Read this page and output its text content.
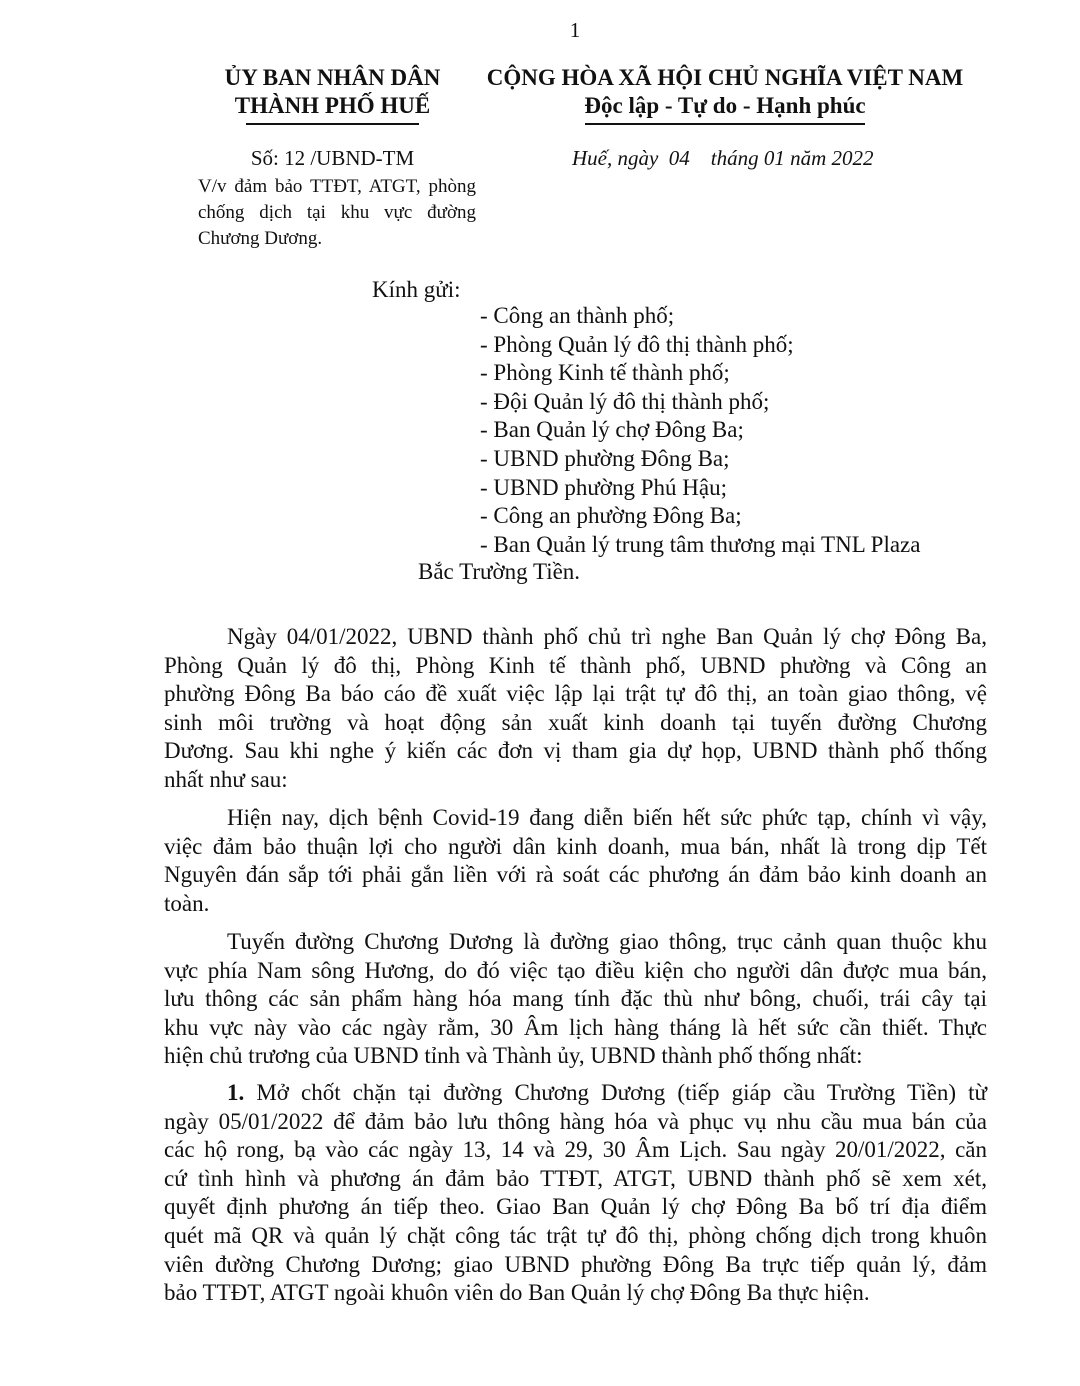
1
ỦY BAN NHÂN DÂN
THÀNH PHỐ HUẾ
CỘNG HÒA XÃ HỘI CHỦ NGHĨA VIỆT NAM
Độc lập - Tự do - Hạnh phúc
Số: 12 /UBND-TM	Huế, ngày  04    tháng 01 năm 2022
V/v đảm bảo TTĐT, ATGT, phòng
chống dịch tại khu vực đường
Chương Dương.
Kính gửi:
- Công an thành phố;
- Phòng Quản lý đô thị thành phố;
- Phòng Kinh tế thành phố;
- Đội Quản lý đô thị thành phố;
- Ban Quản lý chợ Đông Ba;
- UBND phường Đông Ba;
- UBND phường Phú Hậu;
- Công an phường Đông Ba;
- Ban Quản lý trung tâm thương mại TNL Plaza
Bắc Trường Tiền.
Ngày 04/01/2022, UBND thành phố chủ trì nghe Ban Quản lý chợ Đông Ba,
Phòng Quản lý đô thị, Phòng Kinh tế thành phố, UBND phường và Công an
phường Đông Ba báo cáo đề xuất việc lập lại trật tự đô thị, an toàn giao thông, vệ
sinh môi trường và hoạt động sản xuất kinh doanh tại tuyến đường Chương
Dương. Sau khi nghe ý kiến các đơn vị tham gia dự họp, UBND thành phố thống
nhất như sau:
Hiện nay, dịch bệnh Covid-19 đang diễn biến hết sức phức tạp, chính vì vậy,
việc đảm bảo thuận lợi cho người dân kinh doanh, mua bán, nhất là trong dịp Tết
Nguyên đán sắp tới phải gắn liền với rà soát các phương án đảm bảo kinh doanh an
toàn.
Tuyến đường Chương Dương là đường giao thông, trục cảnh quan thuộc khu
vực phía Nam sông Hương, do đó việc tạo điều kiện cho người dân được mua bán,
lưu thông các sản phẩm hàng hóa mang tính đặc thù như bông, chuối, trái cây tại
khu vực này vào các ngày rằm, 30 Âm lịch hàng tháng là hết sức cần thiết. Thực
hiện chủ trương của UBND tỉnh và Thành ủy, UBND thành phố thống nhất:
1. Mở chốt chặn tại đường Chương Dương (tiếp giáp cầu Trường Tiền) từ
ngày 05/01/2022 để đảm bảo lưu thông hàng hóa và phục vụ nhu cầu mua bán của
các hộ rong, bạ vào các ngày 13, 14 và 29, 30 Âm Lịch. Sau ngày 20/01/2022, căn
cứ tình hình và phương án đảm bảo TTĐT, ATGT, UBND thành phố sẽ xem xét,
quyết định phương án tiếp theo. Giao Ban Quản lý chợ Đông Ba bố trí địa điểm
quét mã QR và quản lý chặt công tác trật tự đô thị, phòng chống dịch trong khuôn
viên đường Chương Dương; giao UBND phường Đông Ba trực tiếp quản lý, đảm
bảo TTĐT, ATGT ngoài khuôn viên do Ban Quản lý chợ Đông Ba thực hiện.
